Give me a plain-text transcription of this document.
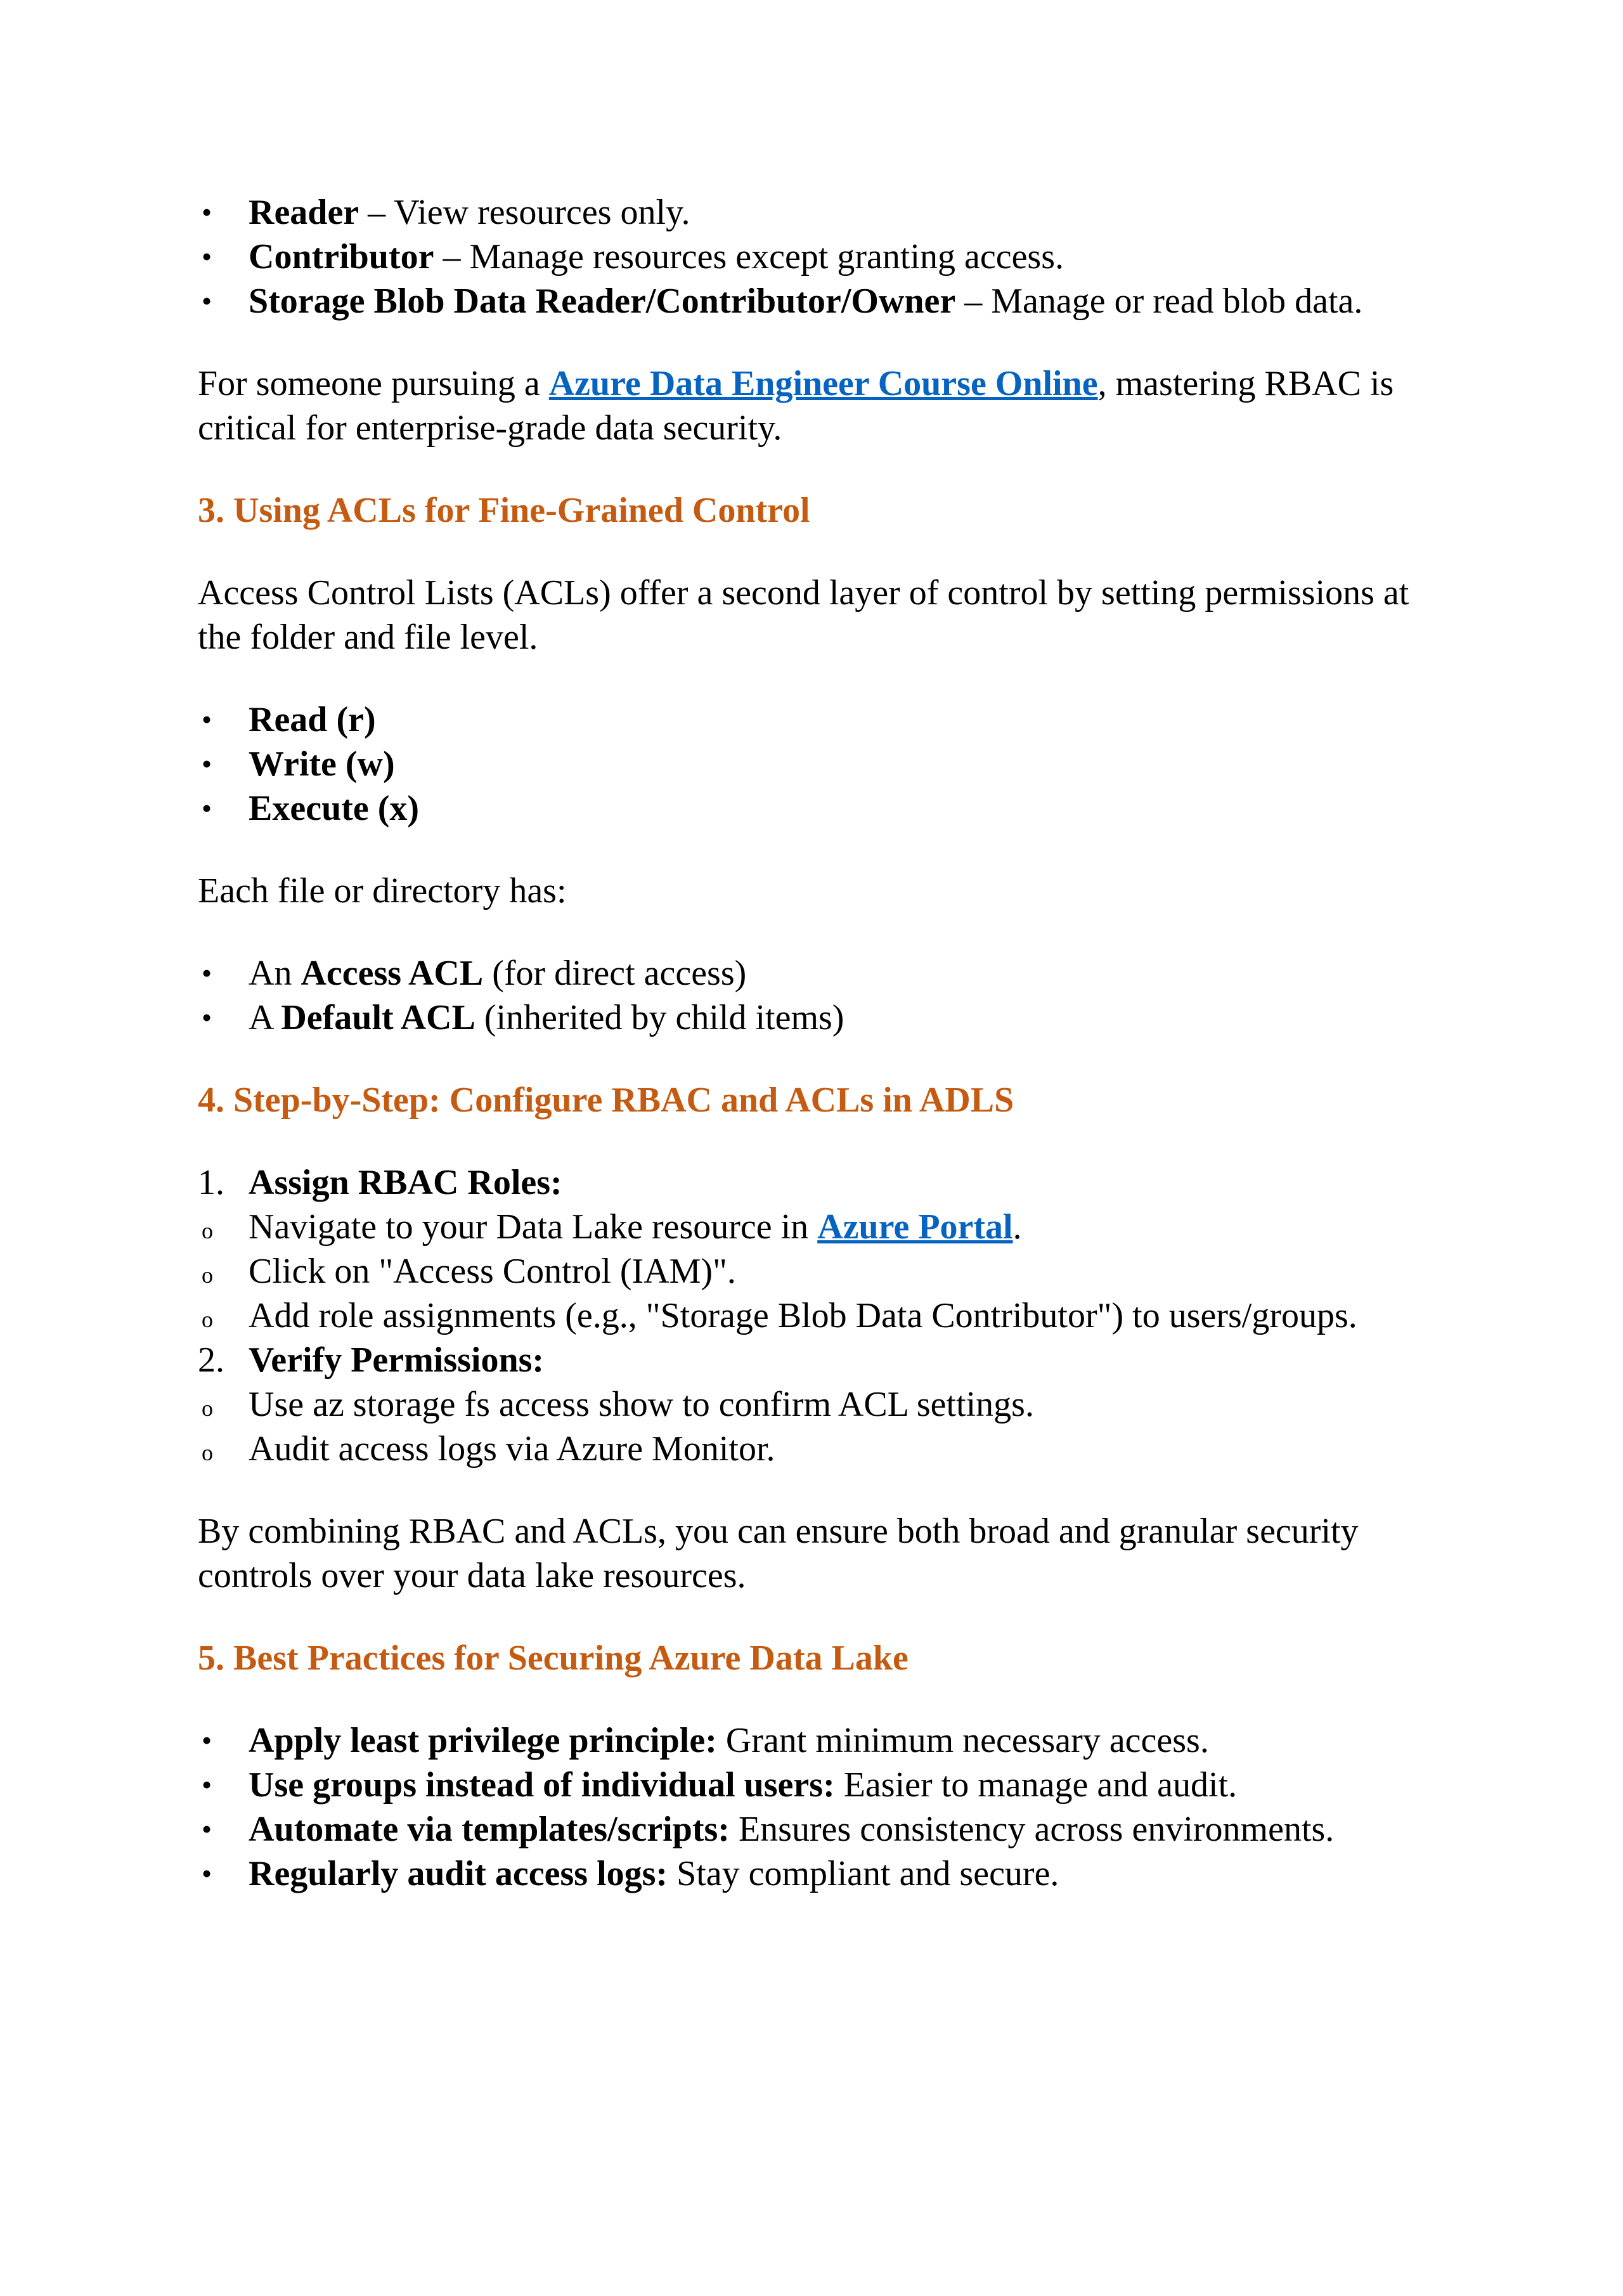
• Reader – View resources only.
• Contributor – Manage resources except granting access.
• Storage Blob Data Reader/Contributor/Owner – Manage or read blob data.

For someone pursuing a Azure Data Engineer Course Online, mastering RBAC is critical for enterprise-grade data security.

3. Using ACLs for Fine-Grained Control

Access Control Lists (ACLs) offer a second layer of control by setting permissions at the folder and file level.

• Read (r)
• Write (w)
• Execute (x)

Each file or directory has:

• An Access ACL (for direct access)
• A Default ACL (inherited by child items)
4. Step-by-Step: Configure RBAC and ACLs in ADLS
1. Assign RBAC Roles:
o Navigate to your Data Lake resource in Azure Portal.
o Click on "Access Control (IAM)".
o Add role assignments (e.g., "Storage Blob Data Contributor") to users/groups.
2. Verify Permissions:
o Use az storage fs access show to confirm ACL settings.
o Audit access logs via Azure Monitor.

By combining RBAC and ACLs, you can ensure both broad and granular security controls over your data lake resources.

5. Best Practices for Securing Azure Data Lake
• Apply least privilege principle: Grant minimum necessary access.
• Use groups instead of individual users: Easier to manage and audit.
• Automate via templates/scripts: Ensures consistency across environments.
• Regularly audit access logs: Stay compliant and secure.
